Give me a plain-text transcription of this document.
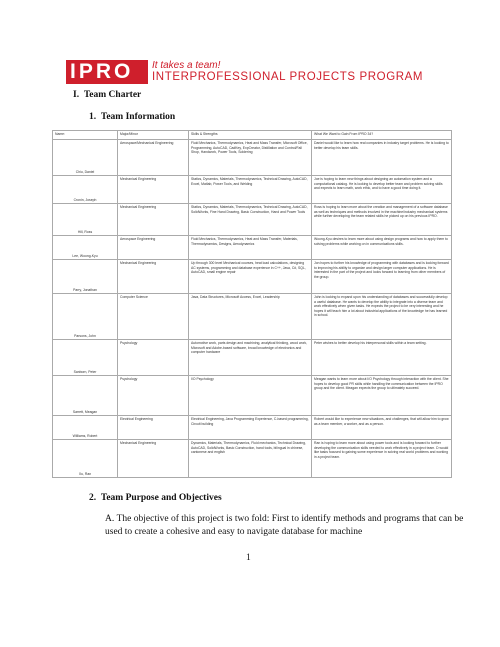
IPRO It takes a team!
INTERPROFESSIONAL PROJECTS PROGRAM
I. Team Charter
1. Team Information
Name:	Major/Minor	Skills & Strengths	What We Want to Gain From IPRO 34?
Chiu, Daniel	Aerospace/Mechanical Engineering	Fluid Mechanics, Thermodynamics, Heat and Mass Transfer, Microsoft Office, Programming, AutoCAD, CadKey, ExpCreator, Distillation and Control/Fall Shop, Handwork, Power Tools, Soldering	Daniel would like to learn how real companies in industry target problems. He is looking to better develop his team skills.
Cronin, Joseph	Mechanical Engineering	Statics, Dynamics, Materials, Thermodynamics, Technical Drawing, AutoCAD, Excel, Matlab, Power Tools, and Welding	Joe is hoping to learn new things about designing an automation system and a computational catalog. He is looking to develop better team and problem solving skills and expects to learn math, work ethic, and to have a good time doing it.
Hill, Ross	Mechanical Engineering	Statics, Dynamics, Materials, Thermodynamics, Technical Drawing, AutoCAD, SolidWorks, Fine Hand Drawing, Basic Construction, Hand and Power Tools	Ross is hoping to learn more about the creation and management of a software database as well as techniques and methods involved in the machine/industry mechanical systems while further developing the team related skills he picked up on his previous IPRO.
Lee, Woong-Kyu	Aerospace Engineering	Fluid Mechanics, Thermodynamics, Heat and Mass Transfer, Materials, Thermodynamics, Designs, Aerodynamics	Woong-Kyu desires to learn more about using design programs and how to apply them to solving problems while working on in communications skills.
Parry, Jonathan	Mechanical Engineering	Up through 300 level Mechanical courses, heat load calculations, designing AC systems, programming and database experience in C++, Java, C#, SQL, AutoCAD, small engine repair	Jon hopes to further his knowledge of programming with databases and is looking forward to improving his ability to organize and design larger computer applications. He is interested in the part of the project and looks forward to learning from other members of the group.
Parsons, John	Computer Science	Java, Data Structures, Microsoft Access, Excel, Leadership	John is looking to expand upon his understanding of databases and successfully develop a useful database. He wants to develop the ability to integrate into a diverse team and work effectively when given tasks. He expects the project to be very interesting and he hopes it will teach him a lot about industrial applications of the knowledge he has learned in school.
Sanborn, Peter	Psychology	Automotive work, parts design and machining, analytical thinking, wood work, Microsoft and Adobe-based software, broad knowledge of electronics and computer hardware	Peter wishes to better develop his interpersonal skills within a team setting.
Sarrett, Meagan	Psychology	I/O Psychology	Meagan wants to learn more about I/O Psychology through interaction with the client. She hopes to develop good PR skills while handling the communication between the IPRO group and the client. Meagan expects the group to ultimately succeed.
Williams, Robert	Electrical Engineering	Electrical Engineering, Java Programming Experience, C-based programming, Circuit building	Robert would like to experience new situations, and challenges, that will allow him to grow as a team member, a worker, and as a person.
Xu, Ran	Mechanical Engineering	Dynamics, Materials, Thermodynamics, Fluid mechanics, Technical Drawing, AutoCAD, SolidWorks, Basic Construction, hand tools, bilingual in chinese, cantonese and english	Ran is hoping to learn more about using power tools and is looking forward to further developing the communication skills needed to work effectively in a project team. D would like tasks focused to gaining some experience in solving real world problems and working in a project team.
2. Team Purpose and Objectives
A. The objective of this project is two fold: First to identify methods and programs that can be used to create a cohesive and easy to navigate database for machine
1
